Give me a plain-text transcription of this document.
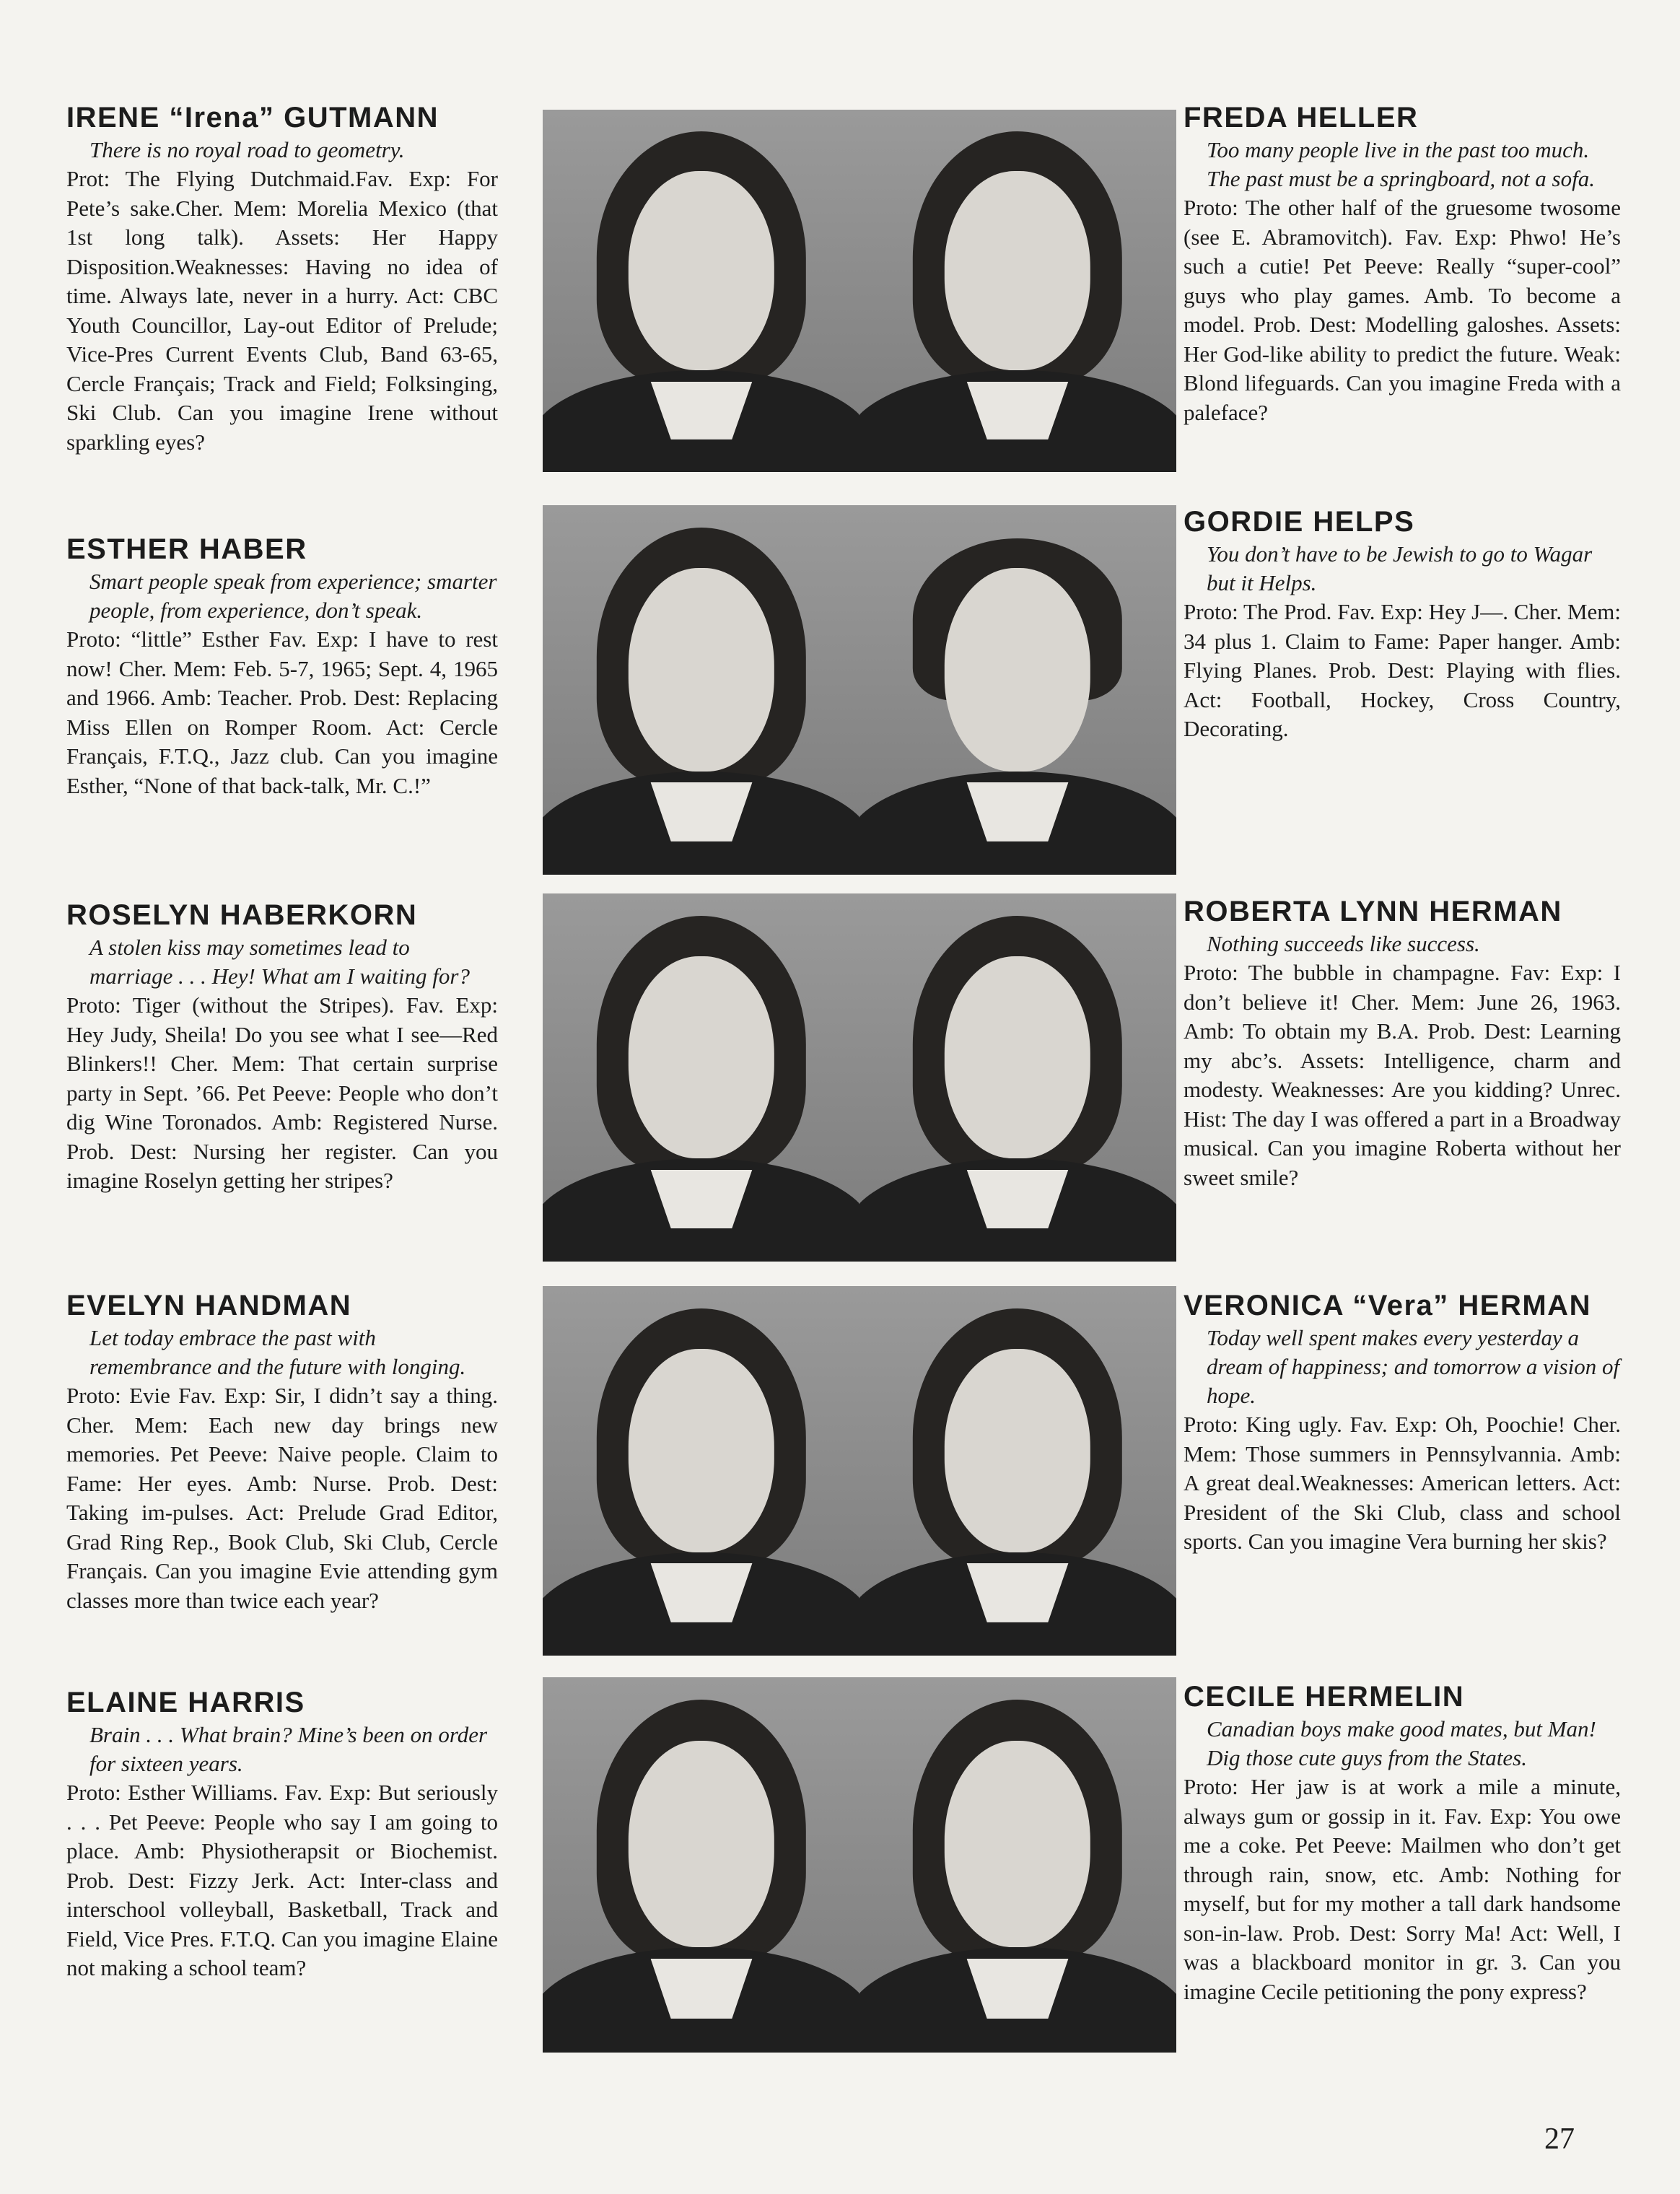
IRENE “Irena” GUTMANN
There is no royal road to geometry.
Prot: The Flying Dutchmaid.Fav. Exp: For Pete’s sake.Cher. Mem: Morelia Mexico (that 1st long talk). Assets: Her Happy Disposition.Weaknesses: Having no idea of time. Always late, never in a hurry. Act: CBC Youth Councillor, Lay-out Editor of Prelude; Vice-Pres Current Events Club, Band 63-65, Cercle Français; Track and Field; Folksinging, Ski Club. Can you imagine Irene without sparkling eyes?
ESTHER HABER
Smart people speak from experience; smarter people, from experience, don’t speak.
Proto: “little” Esther Fav. Exp: I have to rest now! Cher. Mem: Feb. 5-7, 1965; Sept. 4, 1965 and 1966. Amb: Teacher. Prob. Dest: Replacing Miss Ellen on Romper Room. Act: Cercle Français, F.T.Q., Jazz club. Can you imagine Esther, “None of that back-talk, Mr. C.!”
ROSELYN HABERKORN
A stolen kiss may sometimes lead to marriage . . . Hey! What am I waiting for?
Proto: Tiger (without the Stripes). Fav. Exp: Hey Judy, Sheila! Do you see what I see—Red Blinkers!! Cher. Mem: That certain surprise party in Sept. ’66. Pet Peeve: People who don’t dig Wine Toronados. Amb: Registered Nurse. Prob. Dest: Nursing her register. Can you imagine Roselyn getting her stripes?
EVELYN HANDMAN
Let today embrace the past with remembrance and the future with longing.
Proto: Evie Fav. Exp: Sir, I didn’t say a thing. Cher. Mem: Each new day brings new memories. Pet Peeve: Naive people. Claim to Fame: Her eyes. Amb: Nurse. Prob. Dest: Taking im-pulses. Act: Prelude Grad Editor, Grad Ring Rep., Book Club, Ski Club, Cercle Français. Can you imagine Evie attending gym classes more than twice each year?
ELAINE HARRIS
Brain . . . What brain? Mine’s been on order for sixteen years.
Proto: Esther Williams. Fav. Exp: But seriously . . . Pet Peeve: People who say I am going to place. Amb: Physiotherapsit or Biochemist. Prob. Dest: Fizzy Jerk. Act: Inter-class and interschool volleyball, Basketball, Track and Field, Vice Pres. F.T.Q. Can you imagine Elaine not making a school team?
FREDA HELLER
Too many people live in the past too much. The past must be a springboard, not a sofa.
Proto: The other half of the gruesome twosome (see E. Abramovitch). Fav. Exp: Phwo! He’s such a cutie! Pet Peeve: Really “super-cool” guys who play games. Amb. To become a model. Prob. Dest: Modelling galoshes. Assets: Her God-like ability to predict the future. Weak: Blond lifeguards. Can you imagine Freda with a paleface?
GORDIE HELPS
You don’t have to be Jewish to go to Wagar but it Helps.
Proto: The Prod. Fav. Exp: Hey J—. Cher. Mem: 34 plus 1. Claim to Fame: Paper hanger. Amb: Flying Planes. Prob. Dest: Playing with flies. Act: Football, Hockey, Cross Country, Decorating.
ROBERTA LYNN HERMAN
Nothing succeeds like success.
Proto: The bubble in champagne. Fav: Exp: I don’t believe it! Cher. Mem: June 26, 1963. Amb: To obtain my B.A. Prob. Dest: Learning my abc’s. Assets: Intelligence, charm and modesty. Weaknesses: Are you kidding? Unrec. Hist: The day I was offered a part in a Broadway musical. Can you imagine Roberta without her sweet smile?
VERONICA “Vera” HERMAN
Today well spent makes every yesterday a dream of happiness; and tomorrow a vision of hope.
Proto: King ugly. Fav. Exp: Oh, Poochie! Cher. Mem: Those summers in Pennsylvannia. Amb: A great deal.Weaknesses: American letters. Act: President of the Ski Club, class and school sports. Can you imagine Vera burning her skis?
CECILE HERMELIN
Canadian boys make good mates, but Man! Dig those cute guys from the States.
Proto: Her jaw is at work a mile a minute, always gum or gossip in it. Fav. Exp: You owe me a coke. Pet Peeve: Mailmen who don’t get through rain, snow, etc. Amb: Nothing for myself, but for my mother a tall dark handsome son-in-law. Prob. Dest: Sorry Ma! Act: Well, I was a blackboard monitor in gr. 3. Can you imagine Cecile petitioning the pony express?
27
